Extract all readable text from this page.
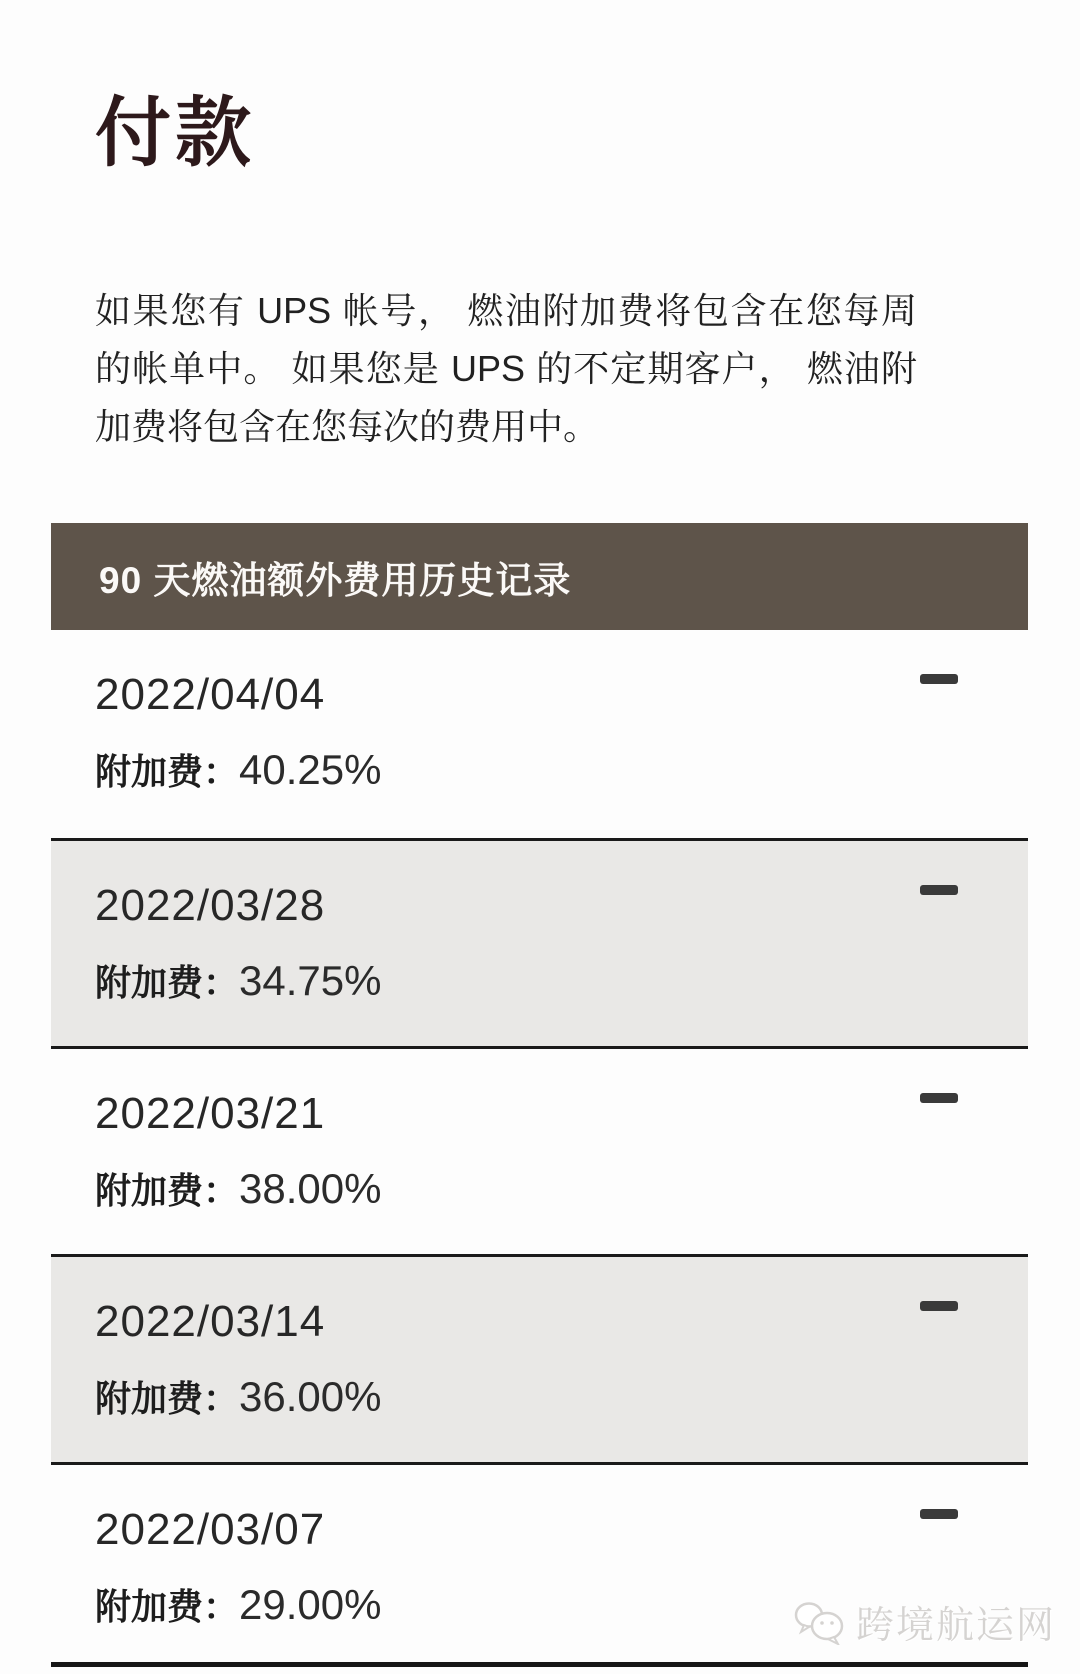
付款

如果您有 UPS 帐号， 燃油附加费将包含在您每周的帐单中。 如果您是 UPS 的不定期客户， 燃油附加费将包含在您每次的费用中。

90 天燃油额外费用历史记录
2022/04/04
附加费：40.25%
2022/03/28
附加费：34.75%
2022/03/21
附加费：38.00%
2022/03/14
附加费：36.00%
2022/03/07
附加费：29.00%	跨境航运网
